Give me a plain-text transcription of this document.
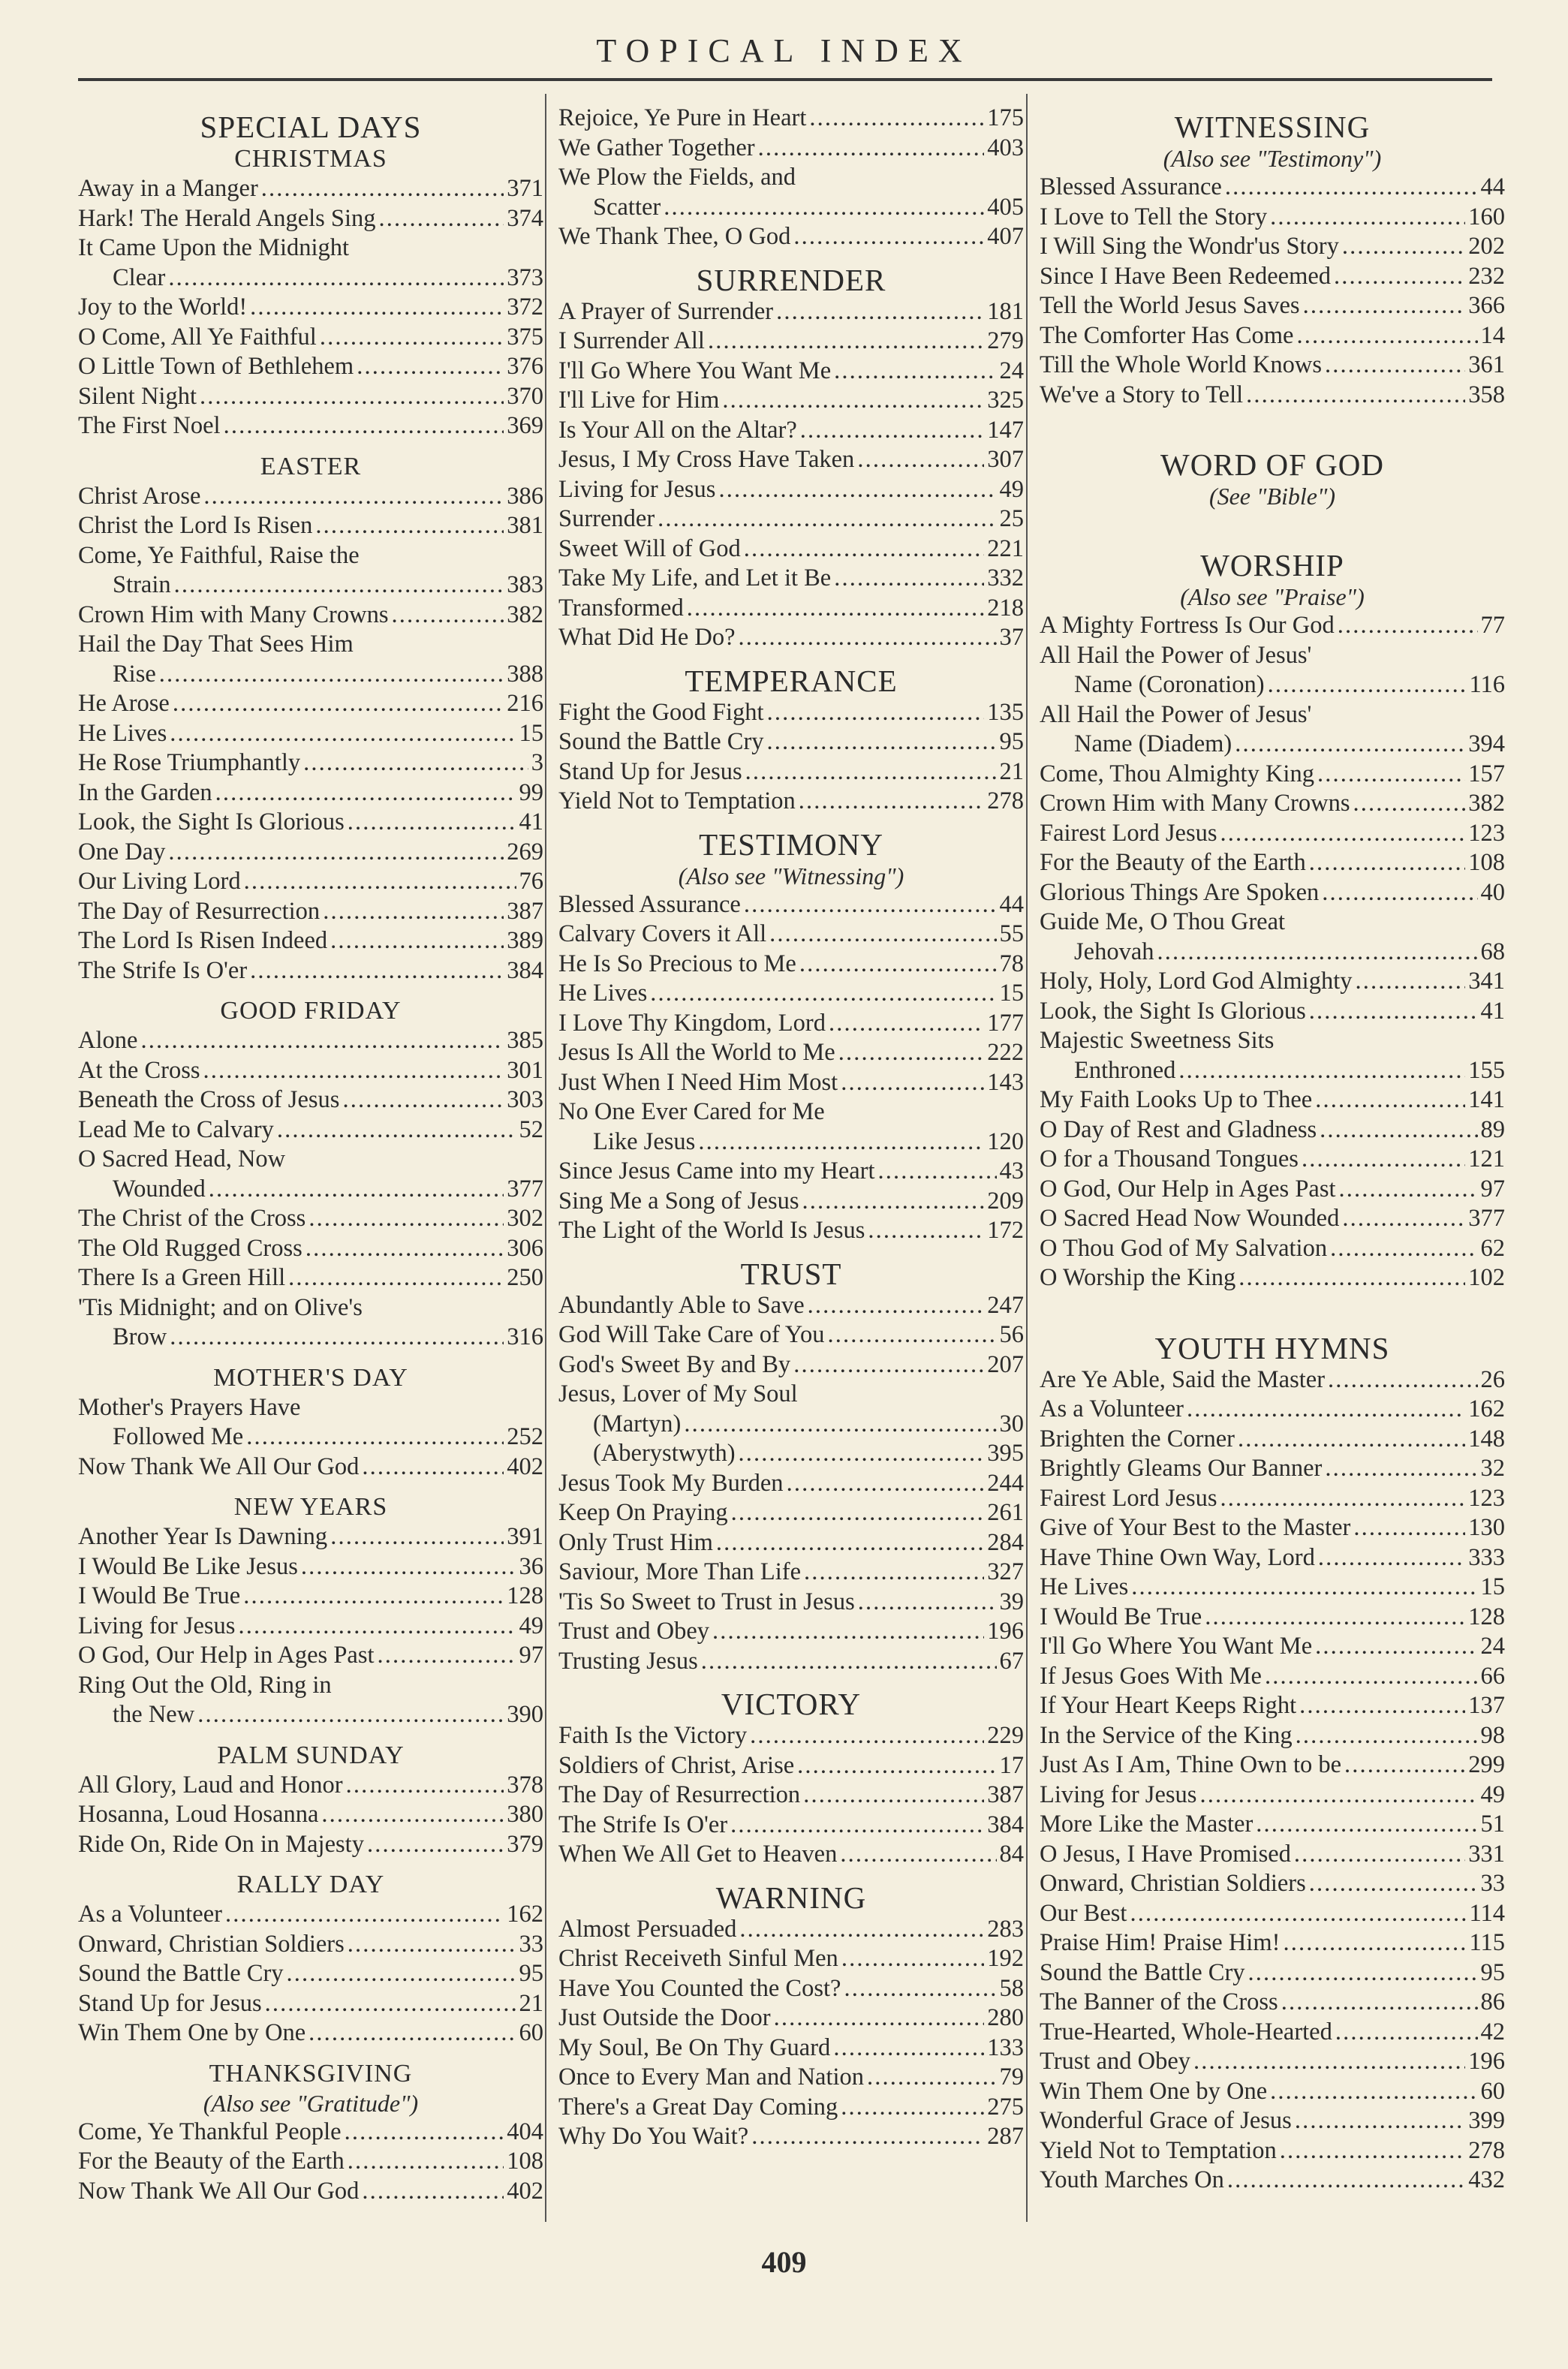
TOPICAL INDEX
SPECIAL DAYS
CHRISTMAS
Away in a Manger . . .	371
Hark! The Herald Angels Sing . . .	374
It Came Upon the Midnight
Clear . . .	373
Joy to the World! . . .	372
O Come, All Ye Faithful . . .	375
O Little Town of Bethlehem . . .	376
Silent Night . . .	370
The First Noel . . .	369
EASTER
Christ Arose . . .	386
Christ the Lord Is Risen . . .	381
Come, Ye Faithful, Raise the
Strain . . .	383
Crown Him with Many Crowns . . .	382
Hail the Day That Sees Him
Rise . . .	388
He Arose . . .	216
He Lives . . .	15
He Rose Triumphantly . . .	3
In the Garden . . .	99
Look, the Sight Is Glorious . . .	41
One Day . . .	269
Our Living Lord . . .	76
The Day of Resurrection . . .	387
The Lord Is Risen Indeed . . .	389
The Strife Is O'er . . .	384
GOOD FRIDAY
Alone . . .	385
At the Cross . . .	301
Beneath the Cross of Jesus . . .	303
Lead Me to Calvary . . .	52
O Sacred Head, Now
Wounded . . .	377
The Christ of the Cross . . .	302
The Old Rugged Cross . . .	306
There Is a Green Hill . . .	250
'Tis Midnight; and on Olive's
Brow . . .	316
MOTHER'S DAY
Mother's Prayers Have
Followed Me . . .	252
Now Thank We All Our God . . .	402
NEW YEARS
Another Year Is Dawning . . .	391
I Would Be Like Jesus . . .	36
I Would Be True . . .	128
Living for Jesus . . .	49
O God, Our Help in Ages Past . . .	97
Ring Out the Old, Ring in
the New . . .	390
PALM SUNDAY
All Glory, Laud and Honor . . .	378
Hosanna, Loud Hosanna . . .	380
Ride On, Ride On in Majesty . . .	379
RALLY DAY
As a Volunteer . . .	162
Onward, Christian Soldiers . . .	33
Sound the Battle Cry . . .	95
Stand Up for Jesus . . .	21
Win Them One by One . . .	60
THANKSGIVING
(Also see "Gratitude")
Come, Ye Thankful People . . .	404
For the Beauty of the Earth . . .	108
Now Thank We All Our God . . .	402
Rejoice, Ye Pure in Heart . . .	175
We Gather Together . . .	403
We Plow the Fields, and
Scatter . . .	405
We Thank Thee, O God . . .	407
SURRENDER
A Prayer of Surrender . . .	181
I Surrender All . . .	279
I'll Go Where You Want Me . . .	24
I'll Live for Him . . .	325
Is Your All on the Altar? . . .	147
Jesus, I My Cross Have Taken . . .	307
Living for Jesus . . .	49
Surrender . . .	25
Sweet Will of God . . .	221
Take My Life, and Let it Be . . .	332
Transformed . . .	218
What Did He Do? . . .	37
TEMPERANCE
Fight the Good Fight . . .	135
Sound the Battle Cry . . .	95
Stand Up for Jesus . . .	21
Yield Not to Temptation . . .	278
TESTIMONY
(Also see "Witnessing")
Blessed Assurance . . .	44
Calvary Covers it All . . .	55
He Is So Precious to Me . . .	78
He Lives . . .	15
I Love Thy Kingdom, Lord . . .	177
Jesus Is All the World to Me . . .	222
Just When I Need Him Most . . .	143
No One Ever Cared for Me
Like Jesus . . .	120
Since Jesus Came into my Heart . . .	43
Sing Me a Song of Jesus . . .	209
The Light of the World Is Jesus . . .	172
TRUST
Abundantly Able to Save . . .	247
God Will Take Care of You . . .	56
God's Sweet By and By . . .	207
Jesus, Lover of My Soul
(Martyn) . . .	30
(Aberystwyth) . . .	395
Jesus Took My Burden . . .	244
Keep On Praying . . .	261
Only Trust Him . . .	284
Saviour, More Than Life . . .	327
'Tis So Sweet to Trust in Jesus . . .	39
Trust and Obey . . .	196
Trusting Jesus . . .	67
VICTORY
Faith Is the Victory . . .	229
Soldiers of Christ, Arise . . .	17
The Day of Resurrection . . .	387
The Strife Is O'er . . .	384
When We All Get to Heaven . . .	84
WARNING
Almost Persuaded . . .	283
Christ Receiveth Sinful Men . . .	192
Have You Counted the Cost? . . .	58
Just Outside the Door . . .	280
My Soul, Be On Thy Guard . . .	133
Once to Every Man and Nation . . .	79
There's a Great Day Coming . . .	275
Why Do You Wait? . . .	287
WITNESSING
(Also see "Testimony")
Blessed Assurance . . .	44
I Love to Tell the Story . . .	160
I Will Sing the Wondr'us Story . . .	202
Since I Have Been Redeemed . . .	232
Tell the World Jesus Saves . . .	366
The Comforter Has Come . . .	14
Till the Whole World Knows . . .	361
We've a Story to Tell . . .	358
WORD OF GOD
(See "Bible")
WORSHIP
(Also see "Praise")
A Mighty Fortress Is Our God . . .	77
All Hail the Power of Jesus'
Name (Coronation) . . .	116
All Hail the Power of Jesus'
Name (Diadem) . . .	394
Come, Thou Almighty King . . .	157
Crown Him with Many Crowns . . .	382
Fairest Lord Jesus . . .	123
For the Beauty of the Earth . . .	108
Glorious Things Are Spoken . . .	40
Guide Me, O Thou Great
Jehovah . . .	68
Holy, Holy, Lord God Almighty . . .	341
Look, the Sight Is Glorious . . .	41
Majestic Sweetness Sits
Enthroned . . .	155
My Faith Looks Up to Thee . . .	141
O Day of Rest and Gladness . . .	89
O for a Thousand Tongues . . .	121
O God, Our Help in Ages Past . . .	97
O Sacred Head Now Wounded . . .	377
O Thou God of My Salvation . . .	62
O Worship the King . . .	102
YOUTH HYMNS
Are Ye Able, Said the Master . . .	26
As a Volunteer . . .	162
Brighten the Corner . . .	148
Brightly Gleams Our Banner . . .	32
Fairest Lord Jesus . . .	123
Give of Your Best to the Master . . .	130
Have Thine Own Way, Lord . . .	333
He Lives . . .	15
I Would Be True . . .	128
I'll Go Where You Want Me . . .	24
If Jesus Goes With Me . . .	66
If Your Heart Keeps Right . . .	137
In the Service of the King . . .	98
Just As I Am, Thine Own to be . . .	299
Living for Jesus . . .	49
More Like the Master . . .	51
O Jesus, I Have Promised . . .	331
Onward, Christian Soldiers . . .	33
Our Best . . .	114
Praise Him! Praise Him! . . .	115
Sound the Battle Cry . . .	95
The Banner of the Cross . . .	86
True-Hearted, Whole-Hearted . . .	42
Trust and Obey . . .	196
Win Them One by One . . .	60
Wonderful Grace of Jesus . . .	399
Yield Not to Temptation . . .	278
Youth Marches On . . .	432
409
